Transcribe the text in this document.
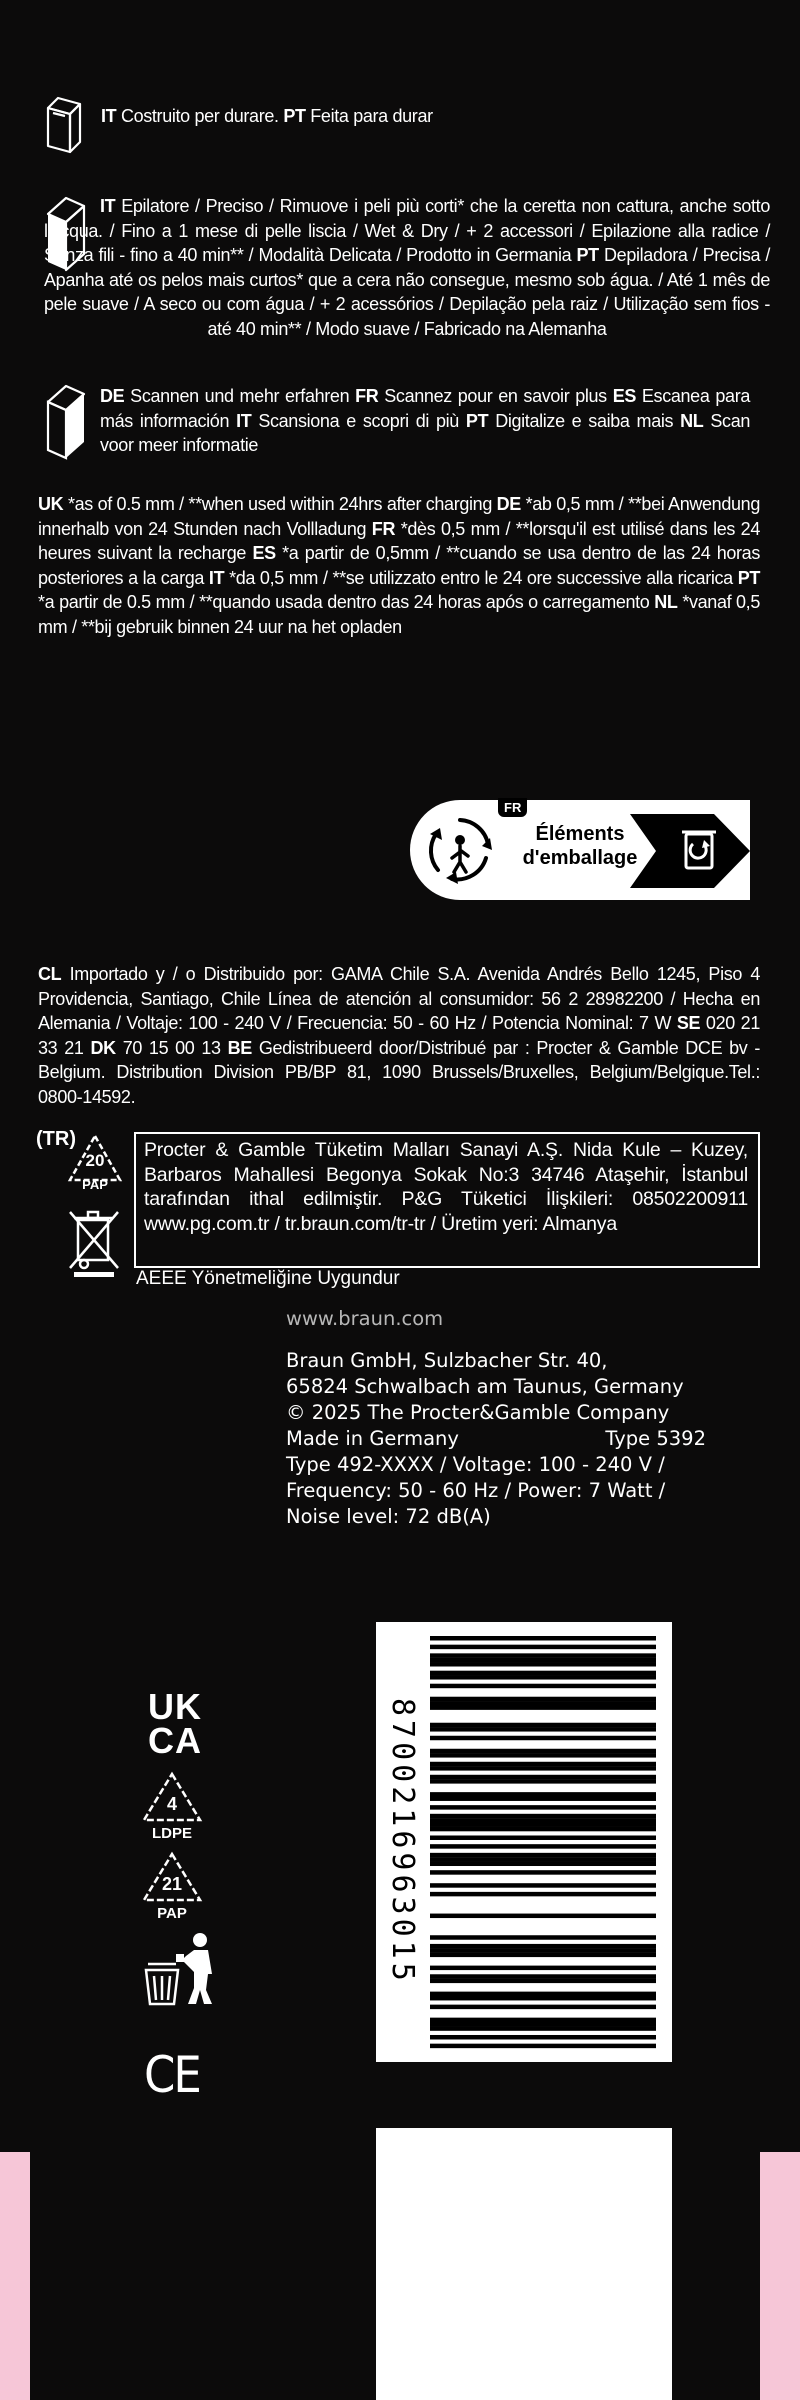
IT Costruito per durare. PT Feita para durar
IT Epilatore / Preciso / Rimuove i peli più corti* che la ceretta non cattura, anche sotto l'acqua. / Fino a 1 mese di pelle liscia / Wet & Dry / + 2 accessori / Epilazione alla radice / Senza fili - fino a 40 min** / Modalità Delicata / Prodotto in Germania PT Depiladora / Precisa / Apanha até os pelos mais curtos* que a cera não consegue, mesmo sob água. / Até 1 mês de pele suave / A seco ou com água / + 2 acessórios / Depilação pela raiz / Utilização sem fios - até 40 min** / Modo suave / Fabricado na Alemanha
DE Scannen und mehr erfahren FR Scannez pour en savoir plus ES Escanea para más información IT Scansiona e scopri di più PT Digitalize e saiba mais NL Scan voor meer informatie
UK *as of 0.5 mm / **when used within 24hrs after charging DE *ab 0,5 mm / **bei Anwendung innerhalb von 24 Stunden nach Vollladung FR *dès 0,5 mm / **lorsqu'il est utilisé dans les 24 heures suivant la recharge ES *a partir de 0,5mm / **cuando se usa dentro de las 24 horas posteriores a la carga IT *da 0,5 mm / **se utilizzato entro le 24 ore successive alla ricarica PT *a partir de 0.5 mm / **quando usada dentro das 24 horas após o carregamento NL *vanaf 0,5 mm / **bij gebruik binnen 24 uur na het opladen
FR
Éléments
d'emballage
CL Importado y / o Distribuido por: GAMA Chile S.A. Avenida Andrés Bello 1245, Piso 4 Providencia, Santiago, Chile Línea de atención al consumidor: 56 2 28982200 / Hecha en Alemania / Voltaje: 100 - 240 V / Frecuencia: 50 - 60 Hz / Potencia Nominal: 7 W SE 020 21 33 21 DK 70 15 00 13 BE Gedistribueerd door/Distribué par : Procter & Gamble DCE bv - Belgium. Distribution Division PB/BP 81, 1090 Brussels/Bruxelles, Belgium/Belgique.Tel.: 0800-14592.
(TR)
20
PAP
Procter & Gamble Tüketim Malları Sanayi A.Ş. Nida Kule – Kuzey, Barbaros Mahallesi Begonya Sokak No:3 34746 Ataşehir, İstanbul tarafından ithal edilmiştir. P&G Tüketici İlişkileri: 08502200911 www.pg.com.tr / tr.braun.com/tr-tr / Üretim yeri: Almanya
AEEE Yönetmeliğine Uygundur
www.braun.com
Braun GmbH, Sulzbacher Str. 40,
65824 Schwalbach am Taunus, Germany
© 2025 The Procter&Gamble Company
Made in Germany	Type 5392
Type 492-XXXX / Voltage: 100 - 240 V /
Frequency: 50 - 60 Hz / Power: 7 Watt /
Noise level: 72 dB(A)
UK
CA
4
LDPE
21
PAP
CE
8700216963015
